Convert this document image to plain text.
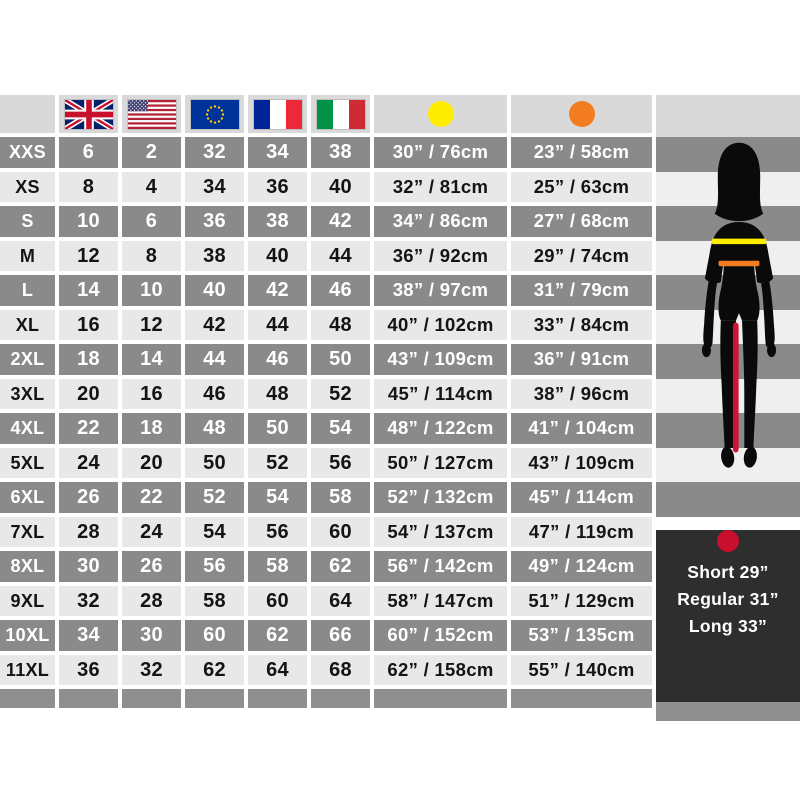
XXS
XS
S
M
L
XL
2XL
3XL
4XL
5XL
6XL
7XL
8XL
9XL
10XL
11XL
6
8
10
12
14
16
18
20
22
24
26
28
30
32
34
36
2
4
6
8
10
12
14
16
18
20
22
24
26
28
30
32
32
34
36
38
40
42
44
46
48
50
52
54
56
58
60
62
34
36
38
40
42
44
46
48
50
52
54
56
58
60
62
64
38
40
42
44
46
48
50
52
54
56
58
60
62
64
66
68
30” / 76cm
32” / 81cm
34” / 86cm
36” / 92cm
38” / 97cm
40” / 102cm
43” / 109cm
45” / 114cm
48” / 122cm
50” / 127cm
52” / 132cm
54” / 137cm
56” / 142cm
58” / 147cm
60” / 152cm
62” / 158cm
23” / 58cm
25” / 63cm
27” / 68cm
29” / 74cm
31” / 79cm
33” / 84cm
36” / 91cm
38” / 96cm
41” / 104cm
43” / 109cm
45” / 114cm
47” / 119cm
49” / 124cm
51” / 129cm
53” / 135cm
55” / 140cm
Short 29”
Regular 31”
Long 33”
